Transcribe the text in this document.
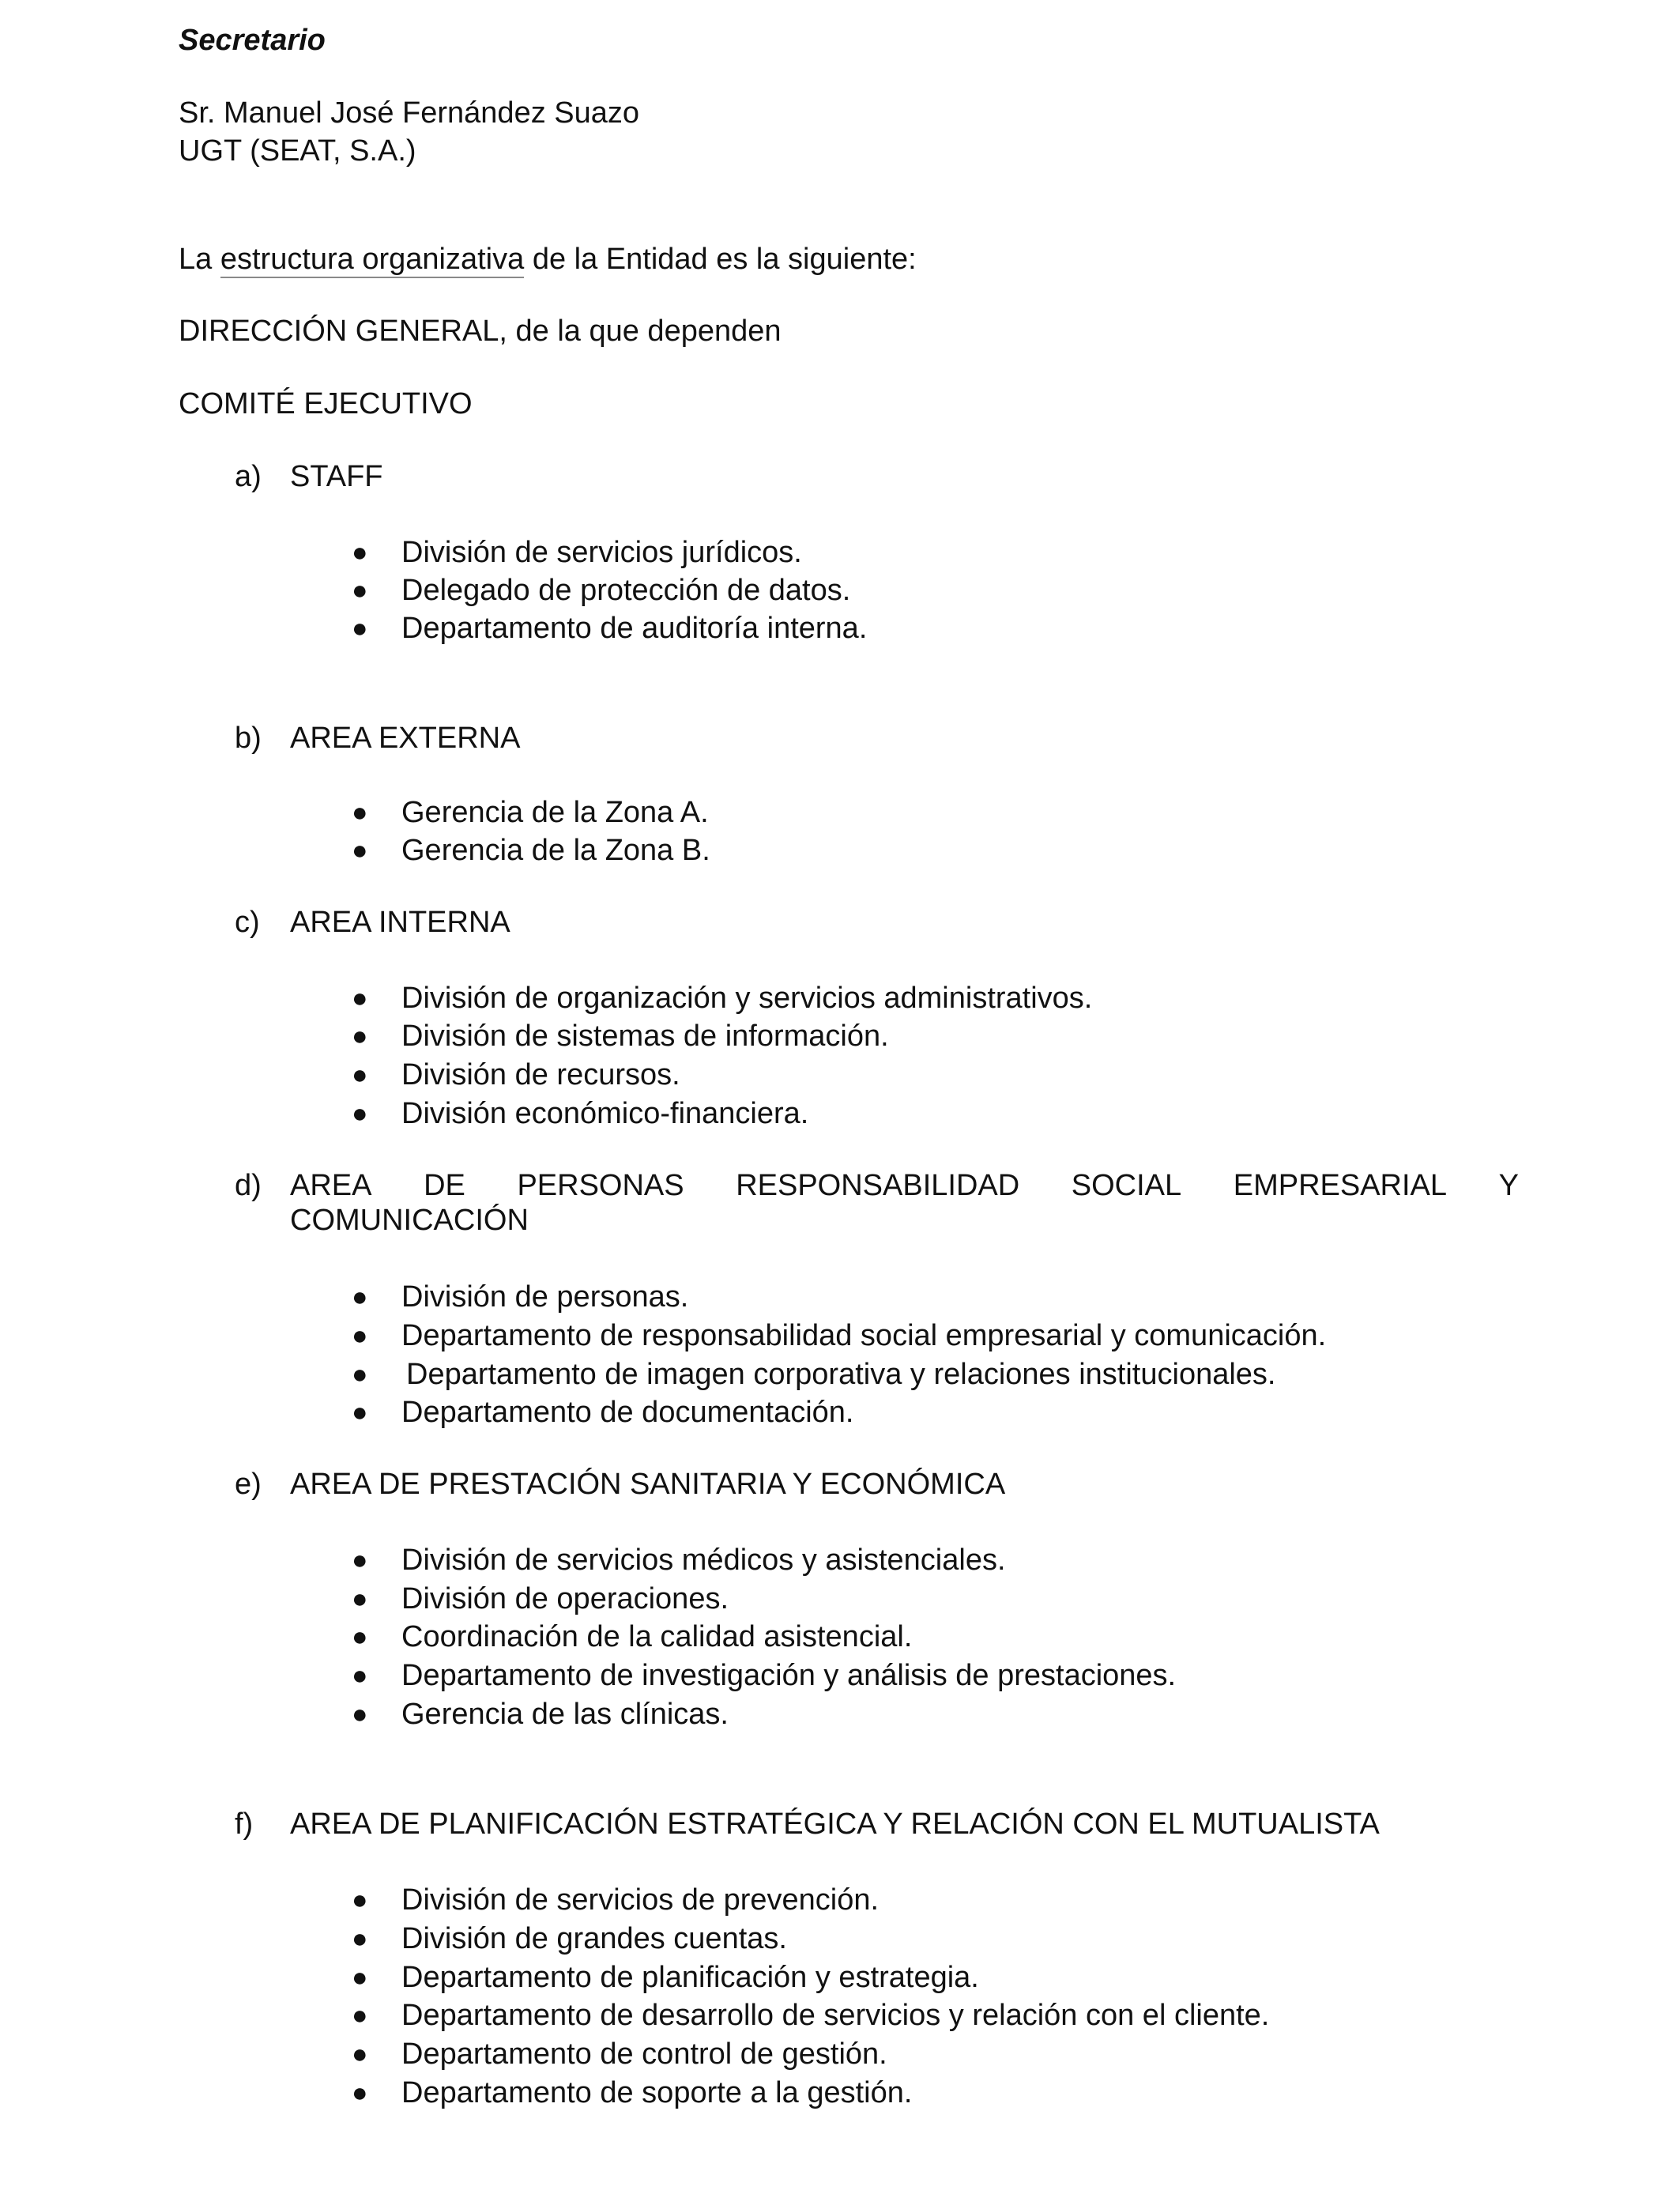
Secretario

Sr. Manuel José Fernández Suazo

UGT (SEAT, S.A.)

La estructura organizativa de la Entidad es la siguiente:

DIRECCIÓN GENERAL, de la que dependen

COMITÉ EJECUTIVO

a) STAFF
● División de servicios jurídicos.
● Delegado de protección de datos.
● Departamento de auditoría interna.
b) AREA EXTERNA
● Gerencia de la Zona A.
● Gerencia de la Zona B.
c) AREA INTERNA
● División de organización y servicios administrativos.
● División de sistemas de información.
● División de recursos.
● División económico-financiera.
d) AREA DE PERSONAS RESPONSABILIDAD SOCIAL EMPRESARIAL Y
COMUNICACIÓN
● División de personas.
● Departamento de responsabilidad social empresarial y comunicación.
● Departamento de imagen corporativa y relaciones institucionales.
● Departamento de documentación.
e) AREA DE PRESTACIÓN SANITARIA Y ECONÓMICA
● División de servicios médicos y asistenciales.
● División de operaciones.
● Coordinación de la calidad asistencial.
● Departamento de investigación y análisis de prestaciones.
● Gerencia de las clínicas.
f) AREA DE PLANIFICACIÓN ESTRATÉGICA Y RELACIÓN CON EL MUTUALISTA
● División de servicios de prevención.
● División de grandes cuentas.
● Departamento de planificación y estrategia.
● Departamento de desarrollo de servicios y relación con el cliente.
● Departamento de control de gestión.
● Departamento de soporte a la gestión.
